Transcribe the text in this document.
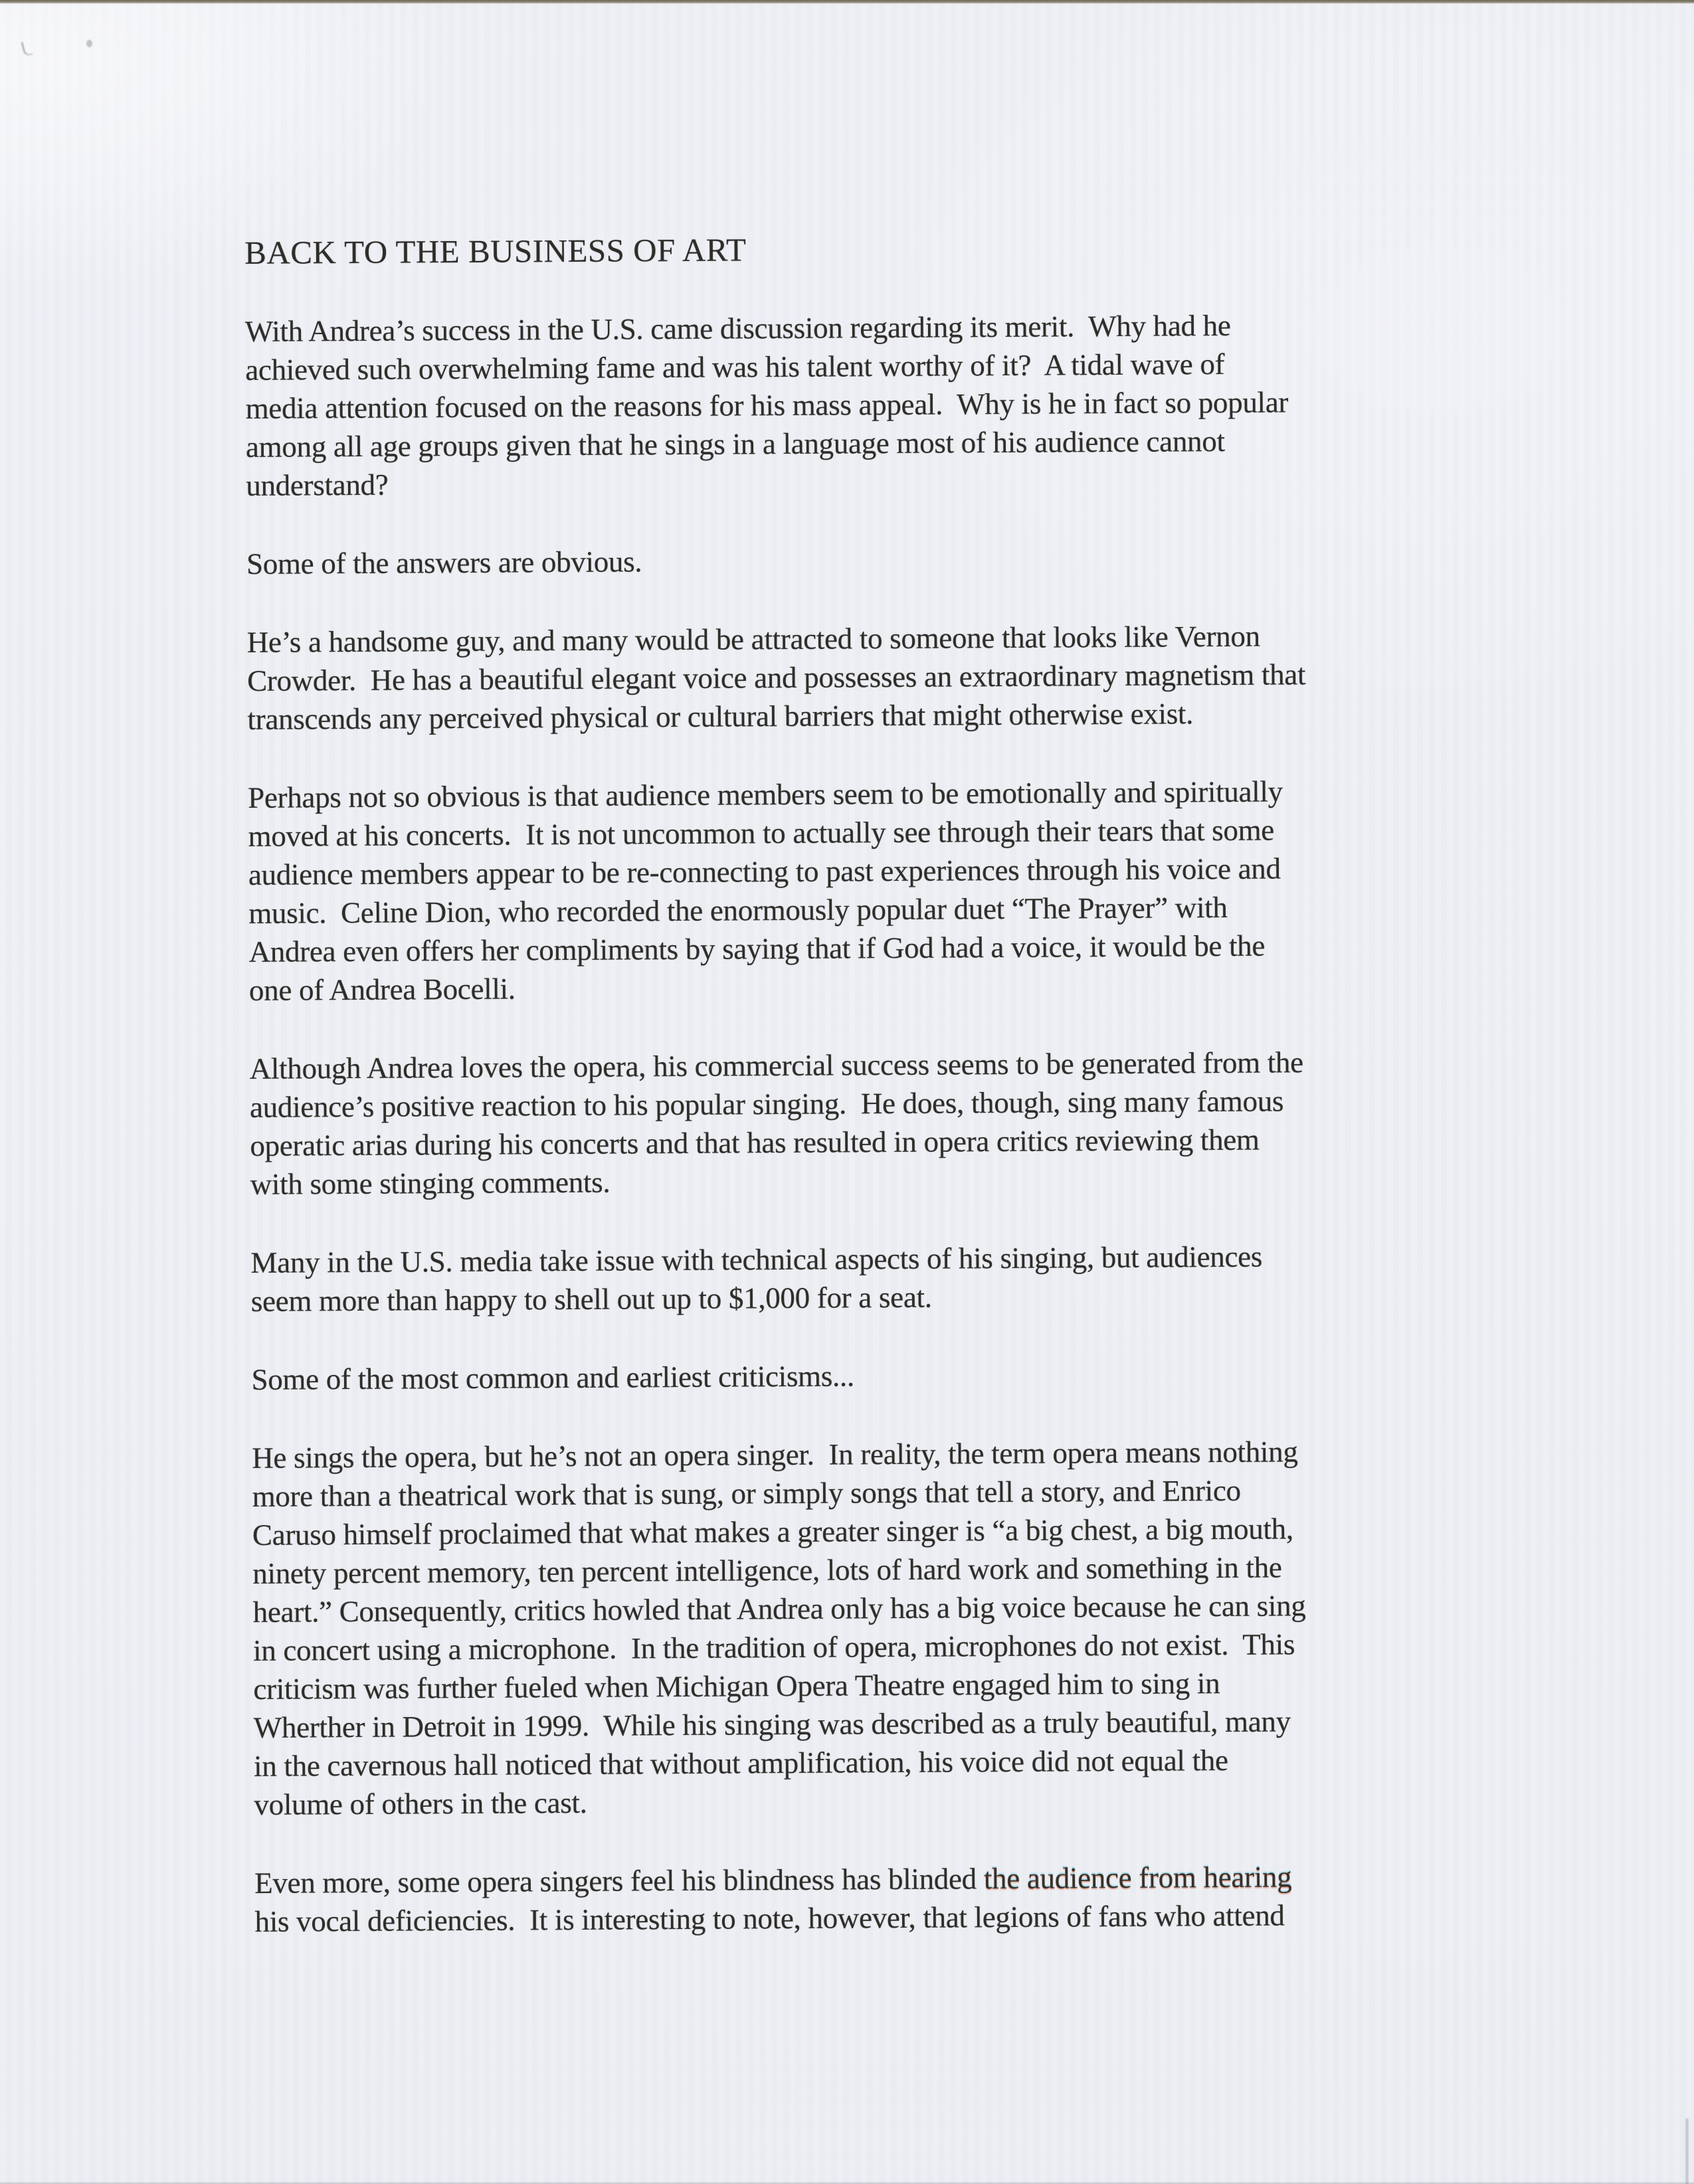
BACK TO THE BUSINESS OF ART

With Andrea’s success in the U.S. came discussion regarding its merit.  Why had he
achieved such overwhelming fame and was his talent worthy of it?  A tidal wave of
media attention focused on the reasons for his mass appeal.  Why is he in fact so popular
among all age groups given that he sings in a language most of his audience cannot
understand?

Some of the answers are obvious.

He’s a handsome guy, and many would be attracted to someone that looks like Vernon
Crowder.  He has a beautiful elegant voice and possesses an extraordinary magnetism that
transcends any perceived physical or cultural barriers that might otherwise exist.

Perhaps not so obvious is that audience members seem to be emotionally and spiritually
moved at his concerts.  It is not uncommon to actually see through their tears that some
audience members appear to be re-connecting to past experiences through his voice and
music.  Celine Dion, who recorded the enormously popular duet “The Prayer” with
Andrea even offers her compliments by saying that if God had a voice, it would be the
one of Andrea Bocelli.

Although Andrea loves the opera, his commercial success seems to be generated from the
audience’s positive reaction to his popular singing.  He does, though, sing many famous
operatic arias during his concerts and that has resulted in opera critics reviewing them
with some stinging comments.

Many in the U.S. media take issue with technical aspects of his singing, but audiences
seem more than happy to shell out up to $1,000 for a seat.

Some of the most common and earliest criticisms...

He sings the opera, but he’s not an opera singer.  In reality, the term opera means nothing
more than a theatrical work that is sung, or simply songs that tell a story, and Enrico
Caruso himself proclaimed that what makes a greater singer is “a big chest, a big mouth,
ninety percent memory, ten percent intelligence, lots of hard work and something in the
heart.” Consequently, critics howled that Andrea only has a big voice because he can sing
in concert using a microphone.  In the tradition of opera, microphones do not exist.  This
criticism was further fueled when Michigan Opera Theatre engaged him to sing in
Wherther in Detroit in 1999.  While his singing was described as a truly beautiful, many
in the cavernous hall noticed that without amplification, his voice did not equal the
volume of others in the cast.

Even more, some opera singers feel his blindness has blinded the audience from hearing
his vocal deficiencies.  It is interesting to note, however, that legions of fans who attend
